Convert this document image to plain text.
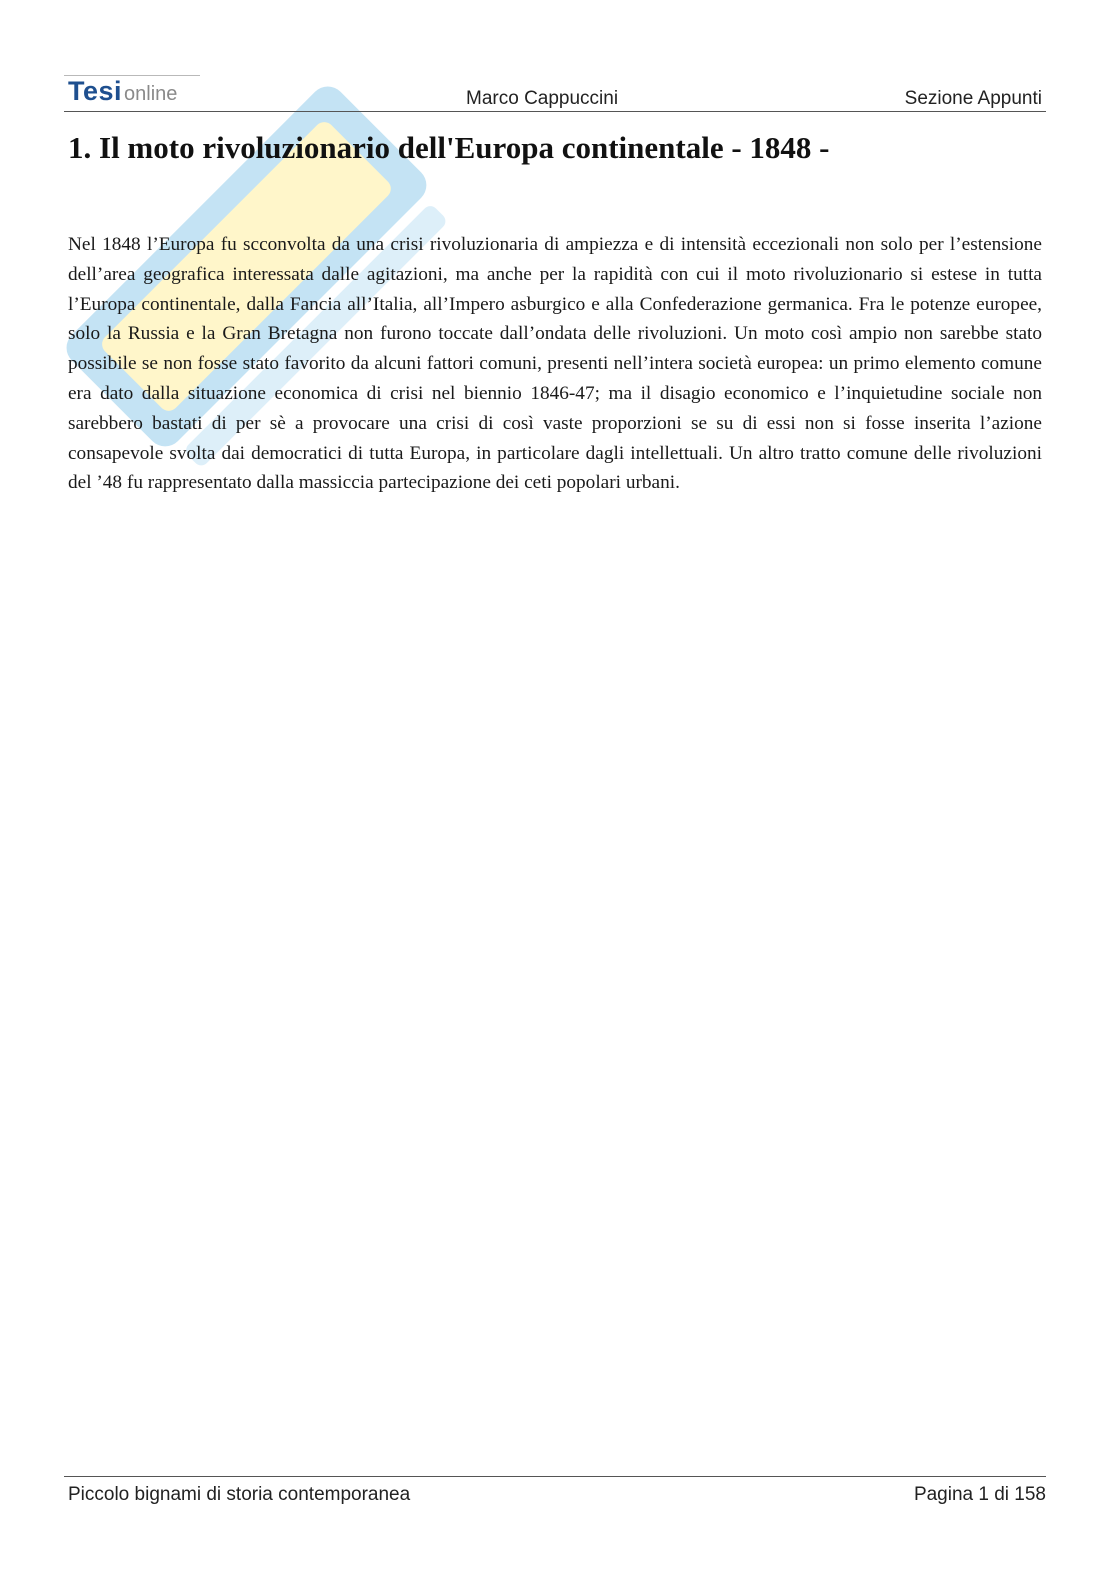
Tesi online	Marco Cappuccini	Sezione Appunti
1. Il moto rivoluzionario dell'Europa continentale - 1848 -

Nel 1848 l’Europa fu scconvolta da una crisi rivoluzionaria di ampiezza e di intensità eccezionali non solo per l’estensione dell’area geografica interessata dalle agitazioni, ma anche per la rapidità con cui il moto rivoluzionario si estese in tutta l’Europa continentale, dalla Fancia all’Italia, all’Impero asburgico e alla Confederazione germanica. Fra le potenze europee, solo la Russia e la Gran Bretagna non furono toccate dall’ondata delle rivoluzioni. Un moto così ampio non sarebbe stato possibile se non fosse stato favorito da alcuni fattori comuni, presenti nell’intera società europea: un primo elemento comune era dato dalla situazione economica di crisi nel biennio 1846-47; ma il disagio economico e l’inquietudine sociale non sarebbero bastati di per sè a provocare una crisi di così vaste proporzioni se su di essi non si fosse inserita l’azione consapevole svolta dai democratici di tutta Europa, in particolare dagli intellettuali. Un altro tratto comune delle rivoluzioni del ’48 fu rappresentato dalla massiccia partecipazione dei ceti popolari urbani.

Piccolo bignami di storia contemporanea	Pagina 1 di 158
